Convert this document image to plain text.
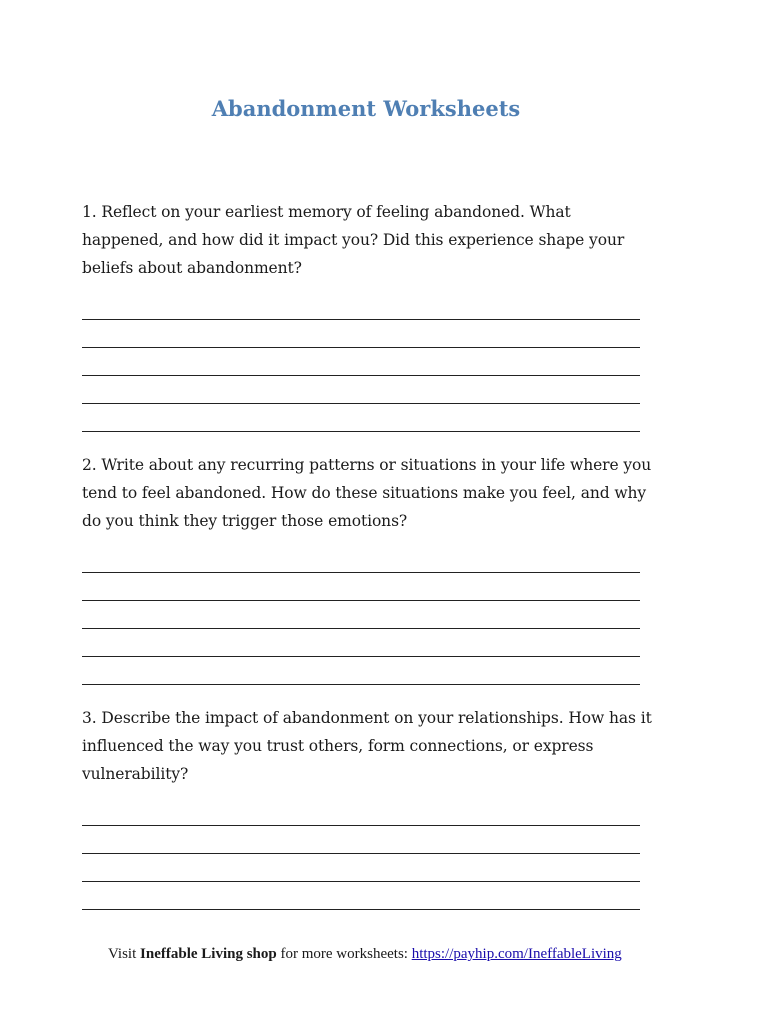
Abandonment Worksheets

1. Reflect on your earliest memory of feeling abandoned. What happened, and how did it impact you? Did this experience shape your beliefs about abandonment?

2. Write about any recurring patterns or situations in your life where you tend to feel abandoned. How do these situations make you feel, and why do you think they trigger those emotions?

3. Describe the impact of abandonment on your relationships. How has it influenced the way you trust others, form connections, or express vulnerability?

Visit Ineffable Living shop for more worksheets: https://payhip.com/IneffableLiving
